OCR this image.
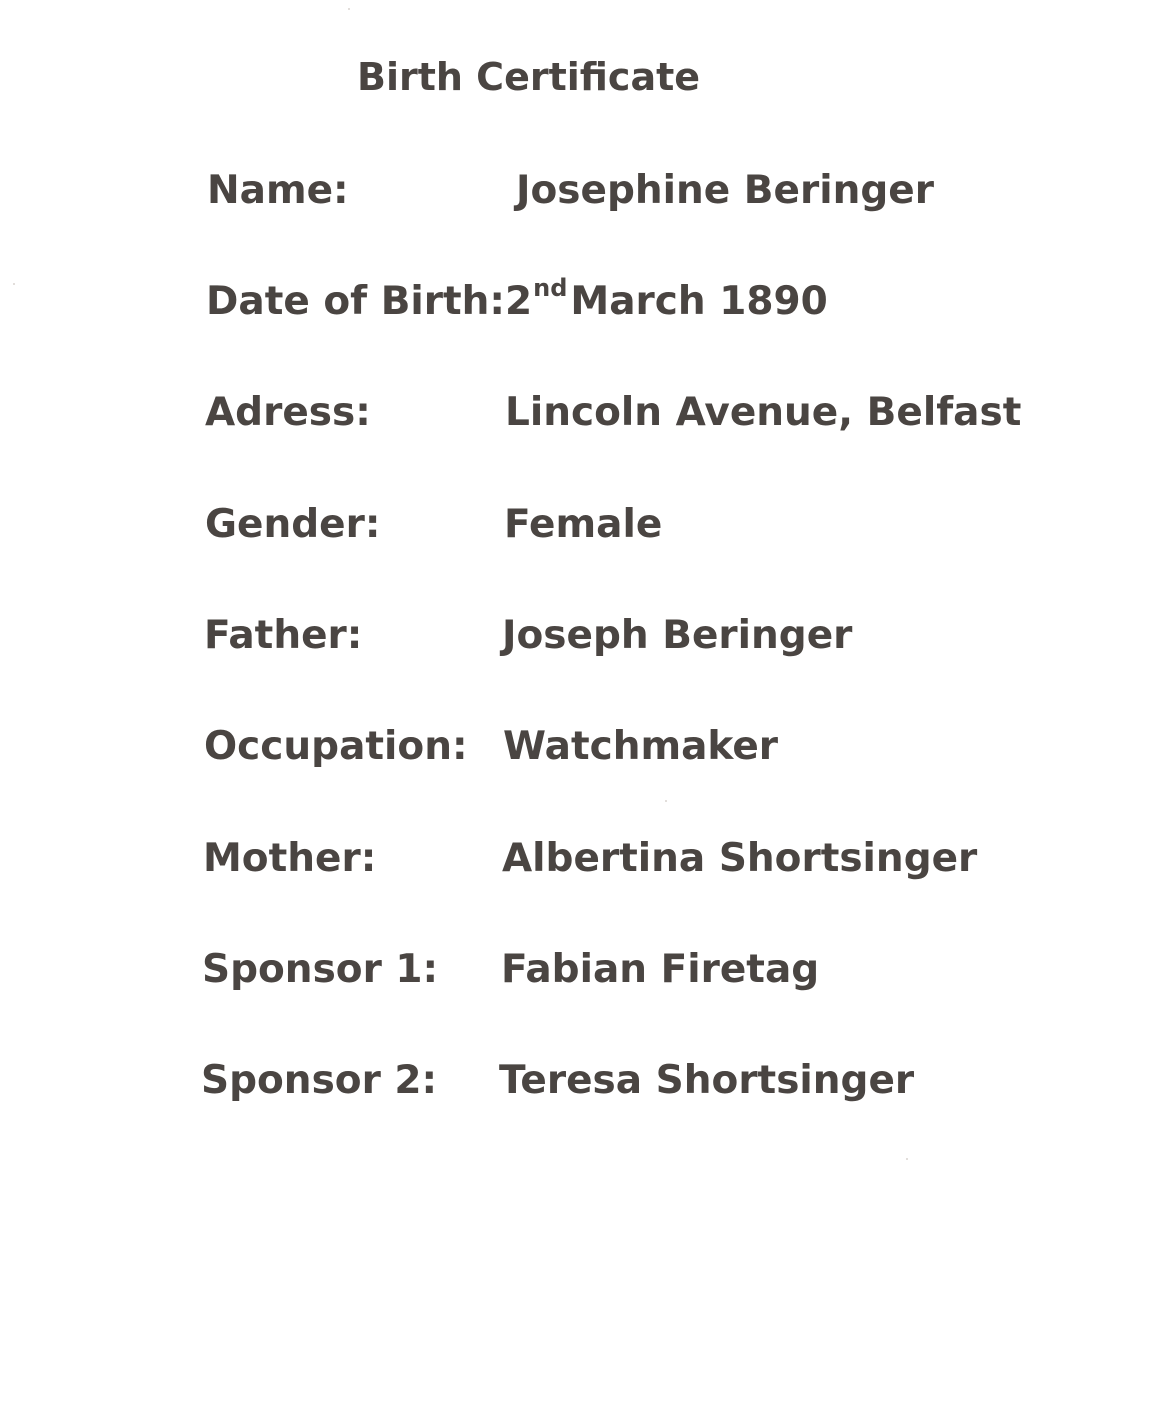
Birth Certificate
Name:	Josephine Beringer
Date of Birth: 2ndMarch 1890
Adress:	Lincoln Avenue, Belfast
Gender:	Female
Father:	Joseph Beringer
Occupation: Watchmaker
Mother:	Albertina Shortsinger
Sponsor 1: Fabian Firetag
Sponsor 2: Teresa Shortsinger
